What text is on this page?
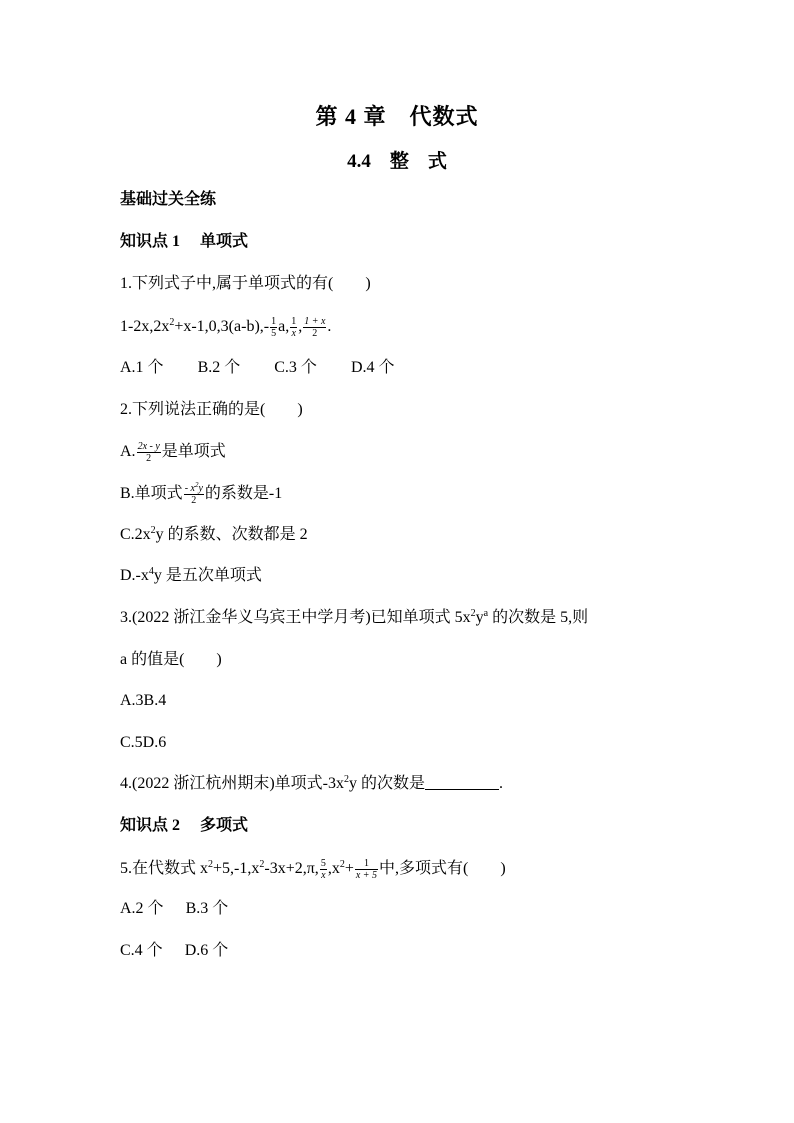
第 4 章　代数式
4.4　整　式
基础过关全练
知识点 1　 单项式
1.下列式子中,属于单项式的有(　　)
$1-2x,2x^2+x-1,0,3(a-b),- \frac{1}{5} a$, $\frac{1}{x}$ , $\frac{1 + x}{2}$ .
A.1 个 B.2 个 C.3 个 D.4 个
2.下列说法正确的是(　　)
A. $\frac{2x - y}{2}$ 是单项式
B.单项式 $\frac{- x^2y}{2}$ 的系数是-1
$C.2x^2y$ 的系数、次数都是 2
$D.-x^4y$ 是五次单项式
3.(2022 浙江金华义乌宾王中学月考)已知单项式 $5x^2y^a$ 的次数是 5,则
a 的值是(　　)
A.3B.4
C.5D.6
4.(2022 浙江杭州期末)单项式$-3x^2y$ 的次数是	.
知识点 2　 多项式
5.在代数式 $x^2+5,-1,x^2-3x+2,\pi$, $\frac{5}{x} ,x^2+ \frac{1}{x + 5}$ 中,多项式有(　　)
A.2 个 B.3 个
C.4 个 D.6 个
